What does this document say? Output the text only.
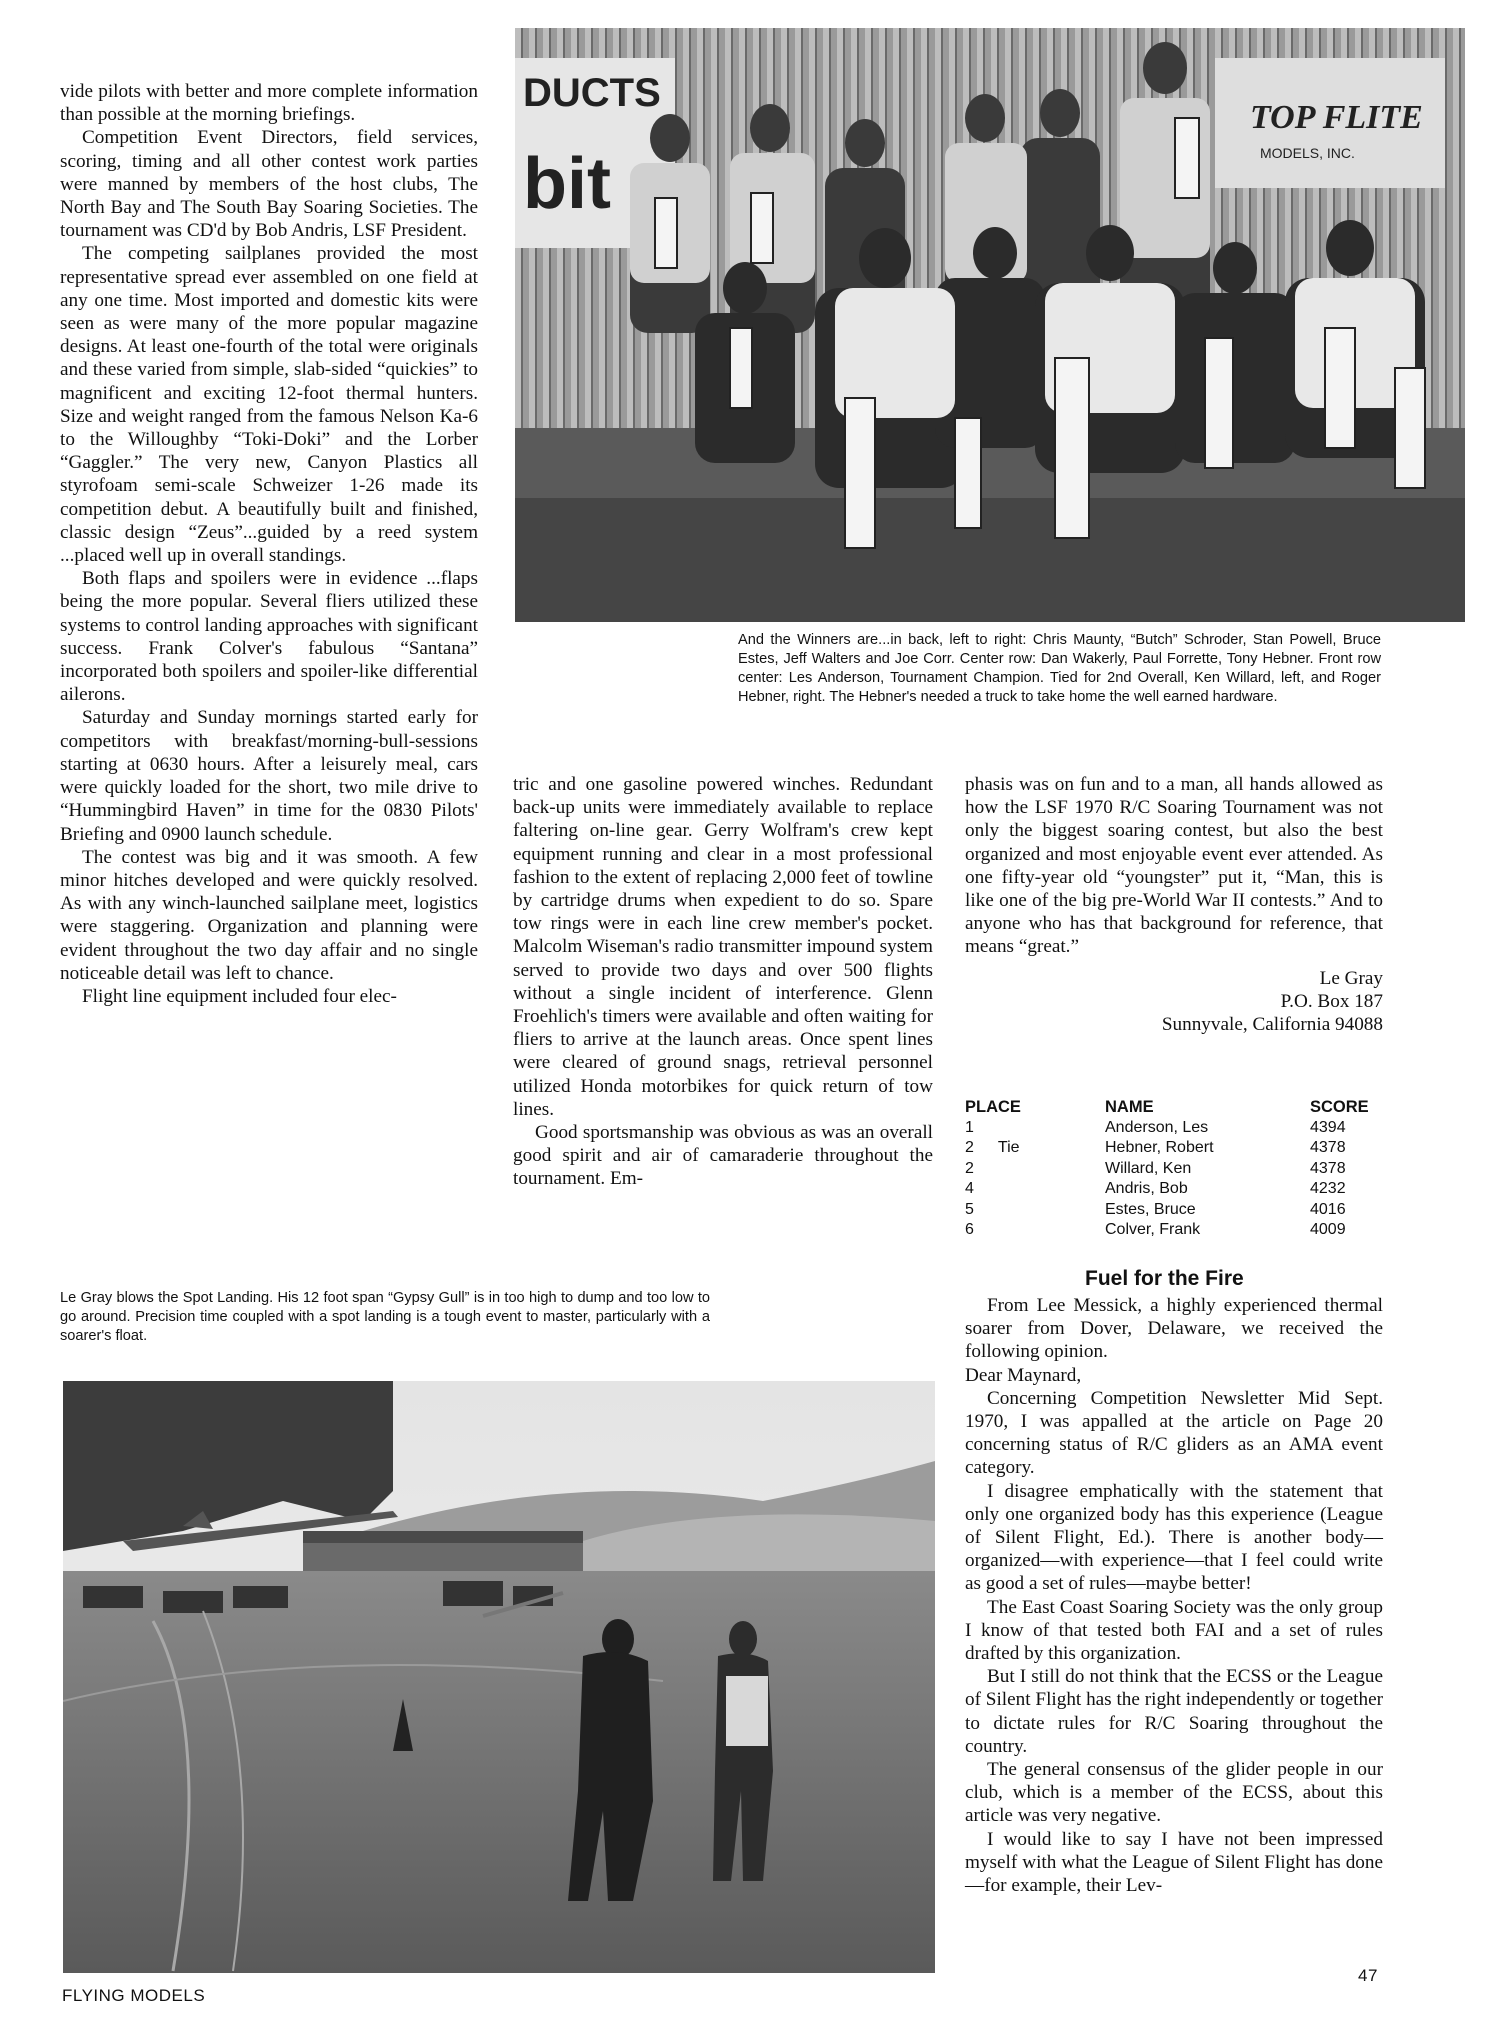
vide pilots with better and more complete information than possible at the morning briefings.

Competition Event Directors, field services, scoring, timing and all other contest work parties were manned by members of the host clubs, The North Bay and The South Bay Soaring Societies. The tournament was CD'd by Bob Andris, LSF President.

The competing sailplanes provided the most representative spread ever assembled on one field at any one time. Most imported and domestic kits were seen as were many of the more popular magazine designs. At least one-fourth of the total were originals and these varied from simple, slab-sided “quickies” to magnificent and exciting 12-foot thermal hunters. Size and weight ranged from the famous Nelson Ka-6 to the Willoughby “Toki-Doki” and the Lorber “Gaggler.” The very new, Canyon Plastics all styrofoam semi-scale Schweizer 1-26 made its competition debut. A beautifully built and finished, classic design “Zeus”...guided by a reed system ...placed well up in overall standings.

Both flaps and spoilers were in evidence ...flaps being the more popular. Several fliers utilized these systems to control landing approaches with significant success. Frank Colver's fabulous “Santana” incorporated both spoilers and spoiler-like differential ailerons.

Saturday and Sunday mornings started early for competitors with breakfast/morning-bull-sessions starting at 0630 hours. After a leisurely meal, cars were quickly loaded for the short, two mile drive to “Hummingbird Haven” in time for the 0830 Pilots' Briefing and 0900 launch schedule.

The contest was big and it was smooth. A few minor hitches developed and were quickly resolved. As with any winch-launched sailplane meet, logistics were staggering. Organization and planning were evident throughout the two day affair and no single noticeable detail was left to chance.

Flight line equipment included four elec-

DUCTS
bit
TOP FLITE
MODELS, INC.
And the Winners are...in back, left to right: Chris Maunty, “Butch” Schroder, Stan Powell, Bruce Estes, Jeff Walters and Joe Corr. Center row: Dan Wakerly, Paul Forrette, Tony Hebner. Front row center: Les Anderson, Tournament Champion. Tied for 2nd Overall, Ken Willard, left, and Roger Hebner, right. The Hebner's needed a truck to take home the well earned hardware.

tric and one gasoline powered winches. Redundant back-up units were immediately available to replace faltering on-line gear. Gerry Wolfram's crew kept equipment running and clear in a most professional fashion to the extent of replacing 2,000 feet of towline by cartridge drums when expedient to do so. Spare tow rings were in each line crew member's pocket. Malcolm Wiseman's radio transmitter impound system served to provide two days and over 500 flights without a single incident of interference. Glenn Froehlich's timers were available and often waiting for fliers to arrive at the launch areas. Once spent lines were cleared of ground snags, retrieval personnel utilized Honda motorbikes for quick return of tow lines.

Good sportsmanship was obvious as was an overall good spirit and air of camaraderie throughout the tournament. Em-

phasis was on fun and to a man, all hands allowed as how the LSF 1970 R/C Soaring Tournament was not only the biggest soaring contest, but also the best organized and most enjoyable event ever attended. As one fifty-year old “youngster” put it, “Man, this is like one of the big pre-World War II contests.” And to anyone who has that background for reference, that means “great.”

Le Gray
P.O. Box 187
Sunnyvale, California 94088
PLACE	NAME	SCORE
1	Anderson, Les	4394
2 Tie	Hebner, Robert	4378
2	Willard, Ken	4378
4	Andris, Bob	4232
5	Estes, Bruce	4016
6	Colver, Frank	4009
Fuel for the Fire

From Lee Messick, a highly experienced thermal soarer from Dover, Delaware, we received the following opinion.

Dear Maynard,

Concerning Competition Newsletter Mid Sept. 1970, I was appalled at the article on Page 20 concerning status of R/C gliders as an AMA event category.

I disagree emphatically with the statement that only one organized body has this experience (League of Silent Flight, Ed.). There is another body—organized—with experience—that I feel could write as good a set of rules—maybe better!

The East Coast Soaring Society was the only group I know of that tested both FAI and a set of rules drafted by this organization.

But I still do not think that the ECSS or the League of Silent Flight has the right independently or together to dictate rules for R/C Soaring throughout the country.

The general consensus of the glider people in our club, which is a member of the ECSS, about this article was very negative.

I would like to say I have not been impressed myself with what the League of Silent Flight has done—for example, their Lev-

Le Gray blows the Spot Landing. His 12 foot span “Gypsy Gull” is in too high to dump and too low to go around. Precision time coupled with a spot landing is a tough event to master, particularly with a soarer's float.
FLYING MODELS
47
